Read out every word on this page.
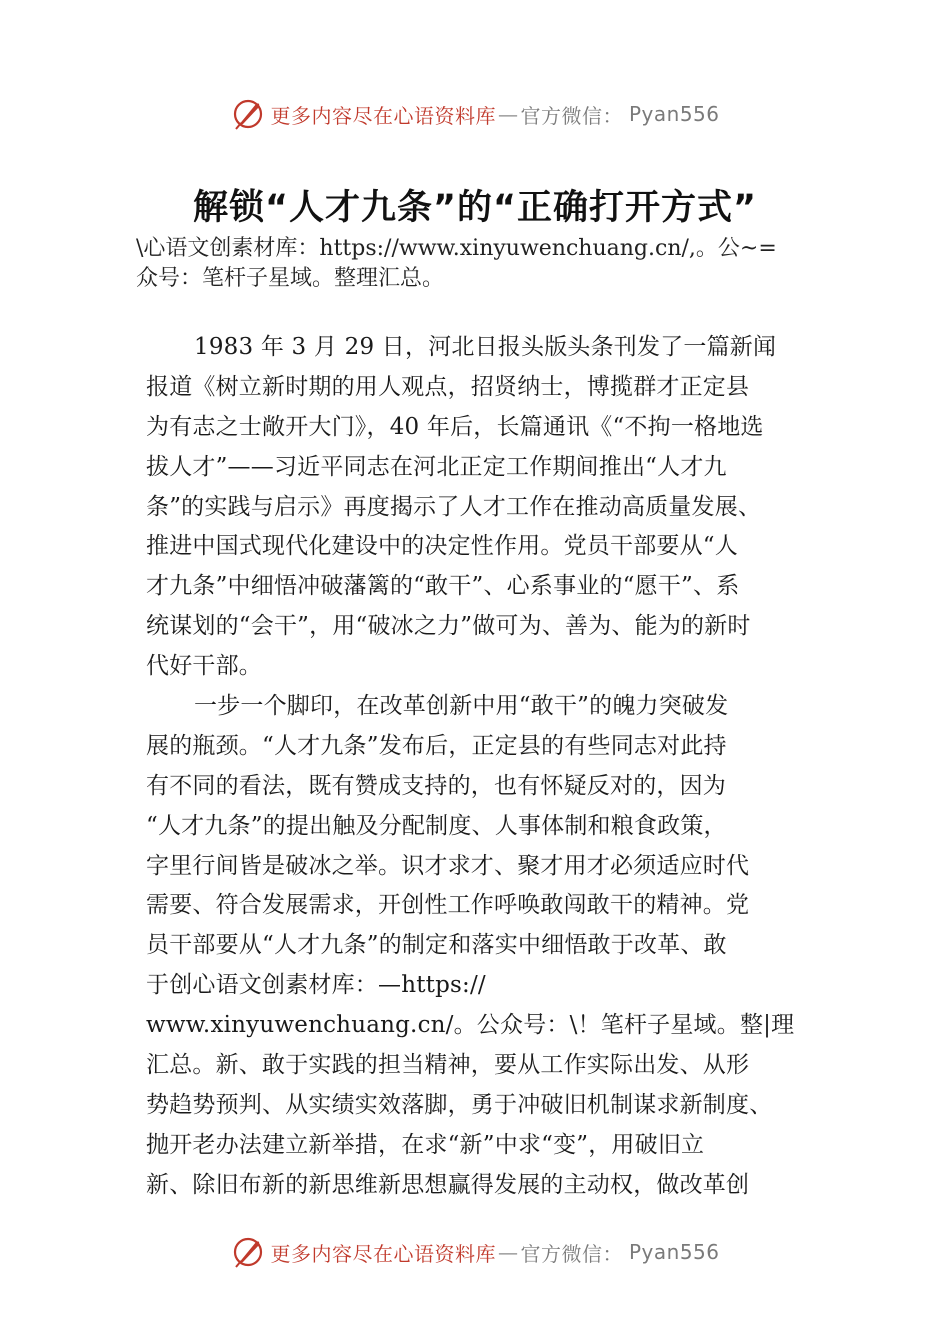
更多内容尽在心语资料库 — 官方微信： Pyan556
解锁“人才九条”的“正确打开方式”
\心语文创素材库：https://www.xinyuwenchuang.cn/,。公~=
众号：笔杆子星域。整理汇总。
1983 年 3 月 29 日，河北日报头版头条刊发了一篇新闻
报道《树立新时期的用人观点，招贤纳士，博揽群才正定县
为有志之士敞开大门》，40 年后，长篇通讯《“不拘一格地选
拔人才”——习近平同志在河北正定工作期间推出“人才九
条”的实践与启示》再度揭示了人才工作在推动高质量发展、
推进中国式现代化建设中的决定性作用。党员干部要从“人
才九条”中细悟冲破藩篱的“敢干”、心系事业的“愿干”、系
统谋划的“会干”，用“破冰之力”做可为、善为、能为的新时
代好干部。
一步一个脚印，在改革创新中用“敢干”的魄力突破发
展的瓶颈。“人才九条”发布后，正定县的有些同志对此持
有不同的看法，既有赞成支持的，也有怀疑反对的，因为
“人才九条”的提出触及分配制度、人事体制和粮食政策，
字里行间皆是破冰之举。识才求才、聚才用才必须适应时代
需要、符合发展需求，开创性工作呼唤敢闯敢干的精神。党
员干部要从“人才九条”的制定和落实中细悟敢于改革、敢
于创心语文创素材库：—https://
www.xinyuwenchuang.cn/。公众号：\！笔杆子星域。整|理
汇总。新、敢于实践的担当精神，要从工作实际出发、从形
势趋势预判、从实绩实效落脚，勇于冲破旧机制谋求新制度、
抛开老办法建立新举措，在求“新”中求“变”，用破旧立
新、除旧布新的新思维新思想赢得发展的主动权，做改革创
更多内容尽在心语资料库 — 官方微信： Pyan556
